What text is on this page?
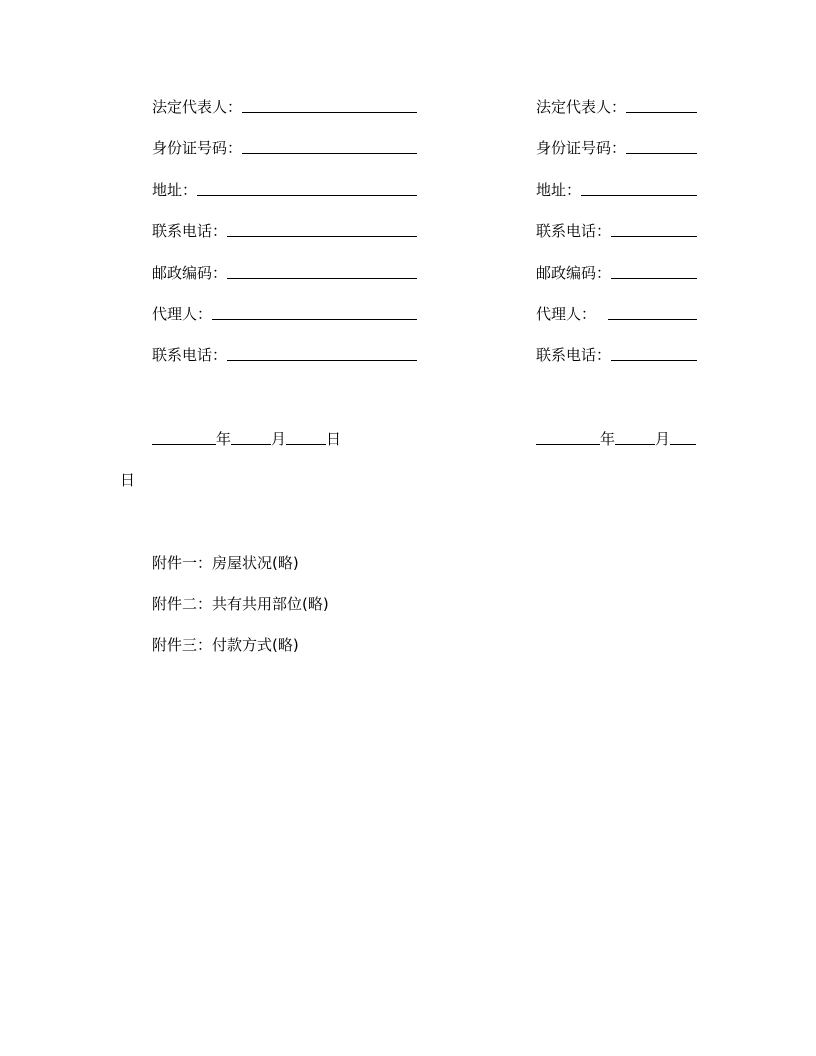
法定代表人：
身份证号码：
地址：
联系电话：
邮政编码：
代理人：
联系电话：
法定代表人：
身份证号码：
地址：
联系电话：
邮政编码：
代理人：
联系电话：
年	月	日	年	月
日
附件一：房屋状况(略)
附件二：共有共用部位(略)
附件三：付款方式(略)
